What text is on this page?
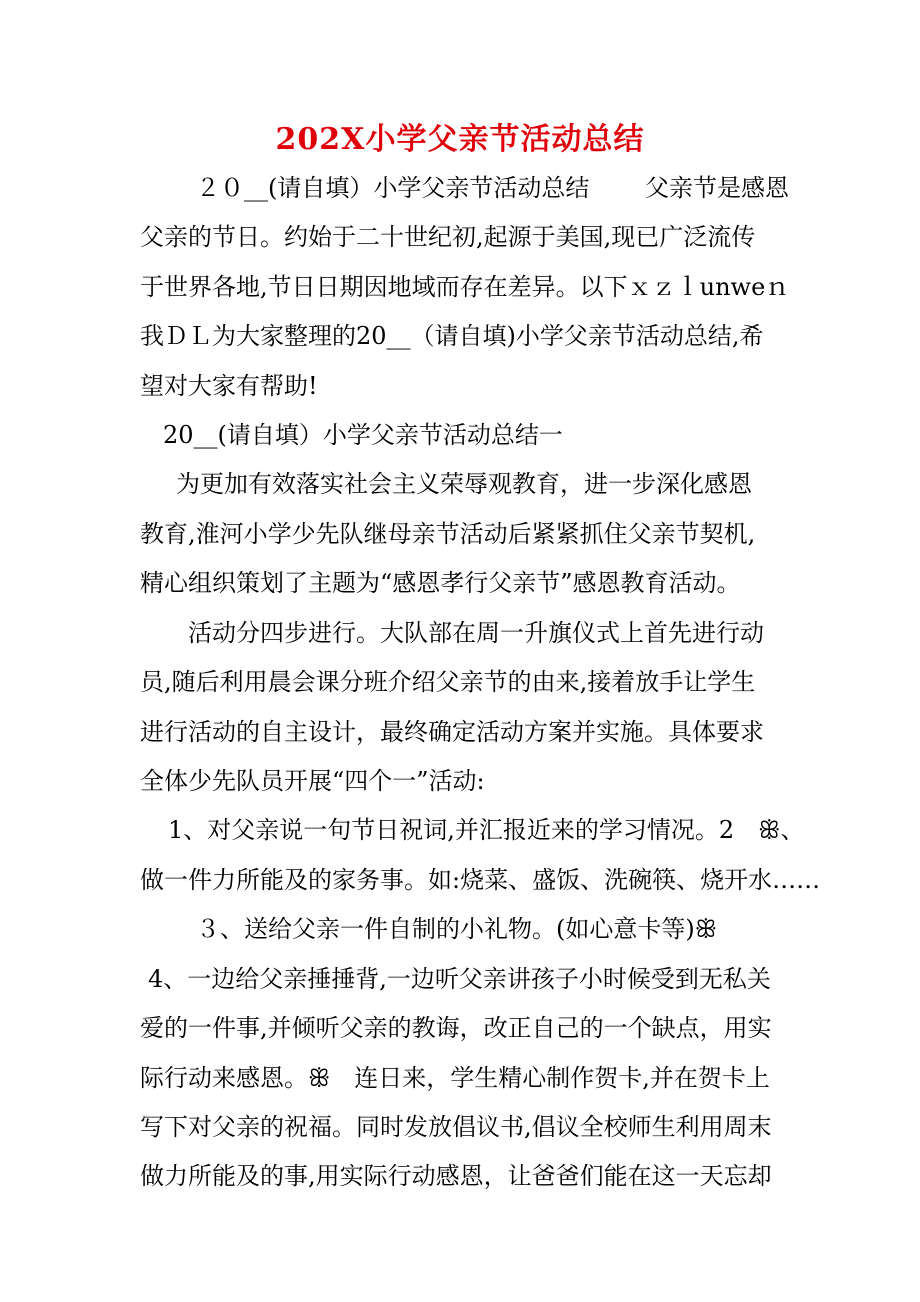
202X小学父亲节活动总结
２０__(请自填）小学父亲节活动总结 　　父亲节是感恩
父亲的节日。约始于二十世纪初,起源于美国,现已广泛流传
于世界各地,节日日期因地域而存在差异。以下ｘｚｌunweｎ
我ＤＬ为大家整理的20__（请自填)小学父亲节活动总结,希
望对大家有帮助!
20__(请自填）小学父亲节活动总结一
为更加有效落实社会主义荣辱观教育，进一步深化感恩
教育,淮河小学少先队继母亲节活动后紧紧抓住父亲节契机,
精心组织策划了主题为“感恩孝行父亲节”感恩教育活动。
活动分四步进行。大队部在周一升旗仪式上首先进行动
员,随后利用晨会课分班介绍父亲节的由来,接着放手让学生
进行活动的自主设计，最终确定活动方案并实施。具体要求
全体少先队员开展“四个一”活动:
1、对父亲说一句节日祝词,并汇报近来的学习情况。2　ꕥ、
做一件力所能及的家务事。如:烧菜、盛饭、洗碗筷、烧开水……
３、送给父亲一件自制的小礼物。(如心意卡等)ꕥ
4、一边给父亲捶捶背,一边听父亲讲孩子小时候受到无私关
爱的一件事,并倾听父亲的教诲，改正自己的一个缺点，用实
际行动来感恩。ꕥ　连日来，学生精心制作贺卡,并在贺卡上
写下对父亲的祝福。同时发放倡议书,倡议全校师生利用周末
做力所能及的事,用实际行动感恩，让爸爸们能在这一天忘却
